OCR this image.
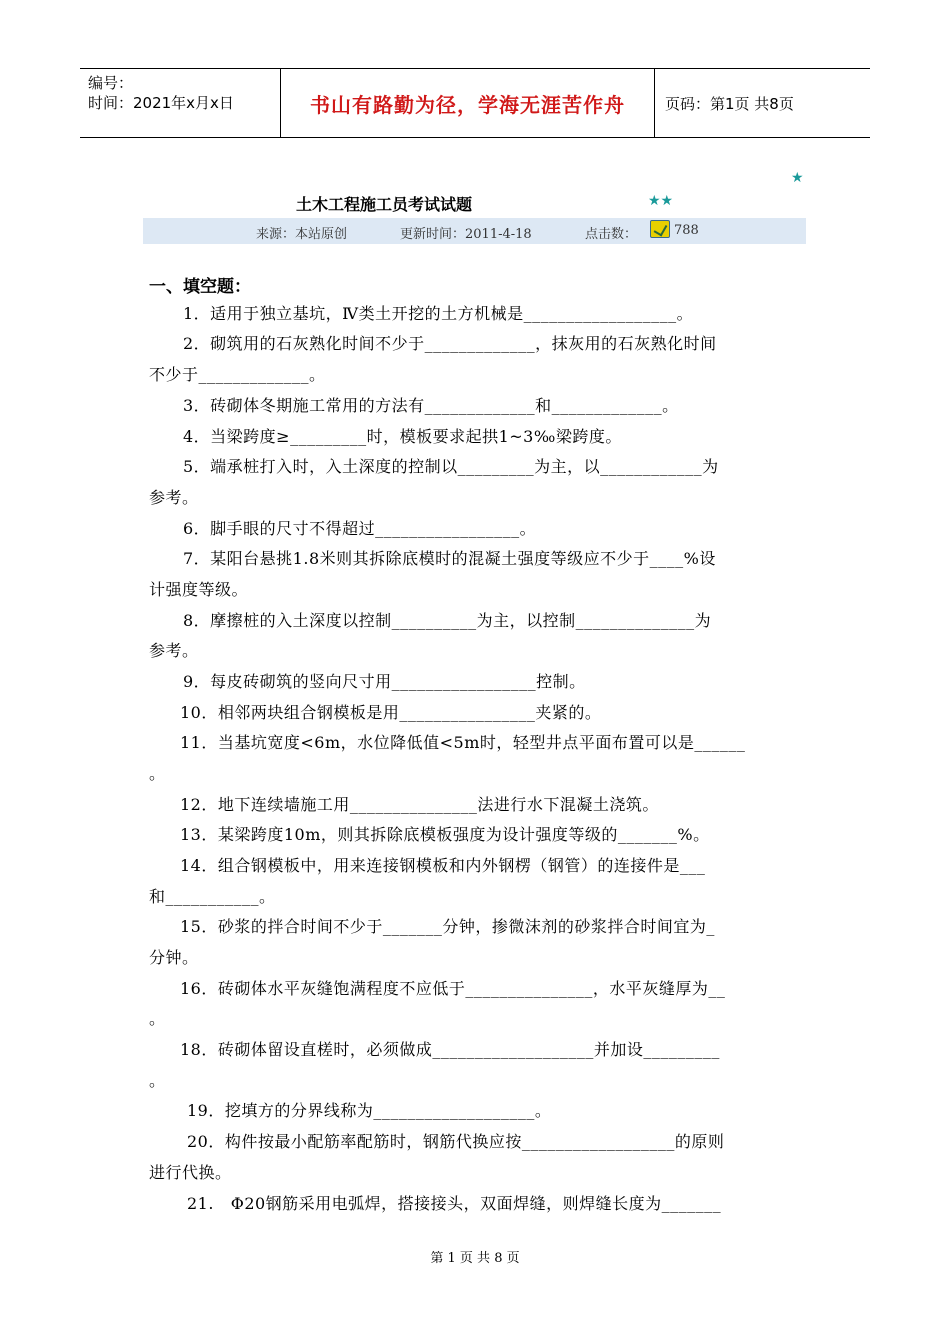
编号：
时间：2021年x月x日	书山有路勤为径，学海无涯苦作舟	页码：第1页 共8页
★
土木工程施工员考试试题	★★
来源：本站原创	更新时间：2011-4-18	点击数：	788
一、填空题：
1．适用于独立基坑，Ⅳ类土开挖的土方机械是__________________。
2．砌筑用的石灰熟化时间不少于_____________，抹灰用的石灰熟化时间
不少于_____________。
3．砖砌体冬期施工常用的方法有_____________和_____________。
4．当梁跨度≥_________时，模板要求起拱1~3‰梁跨度。
5．端承桩打入时，入土深度的控制以_________为主，以____________为
参考。
6．脚手眼的尺寸不得超过_________________。
7．某阳台悬挑1.8米则其拆除底模时的混凝土强度等级应不少于____%设
计强度等级。
8．摩擦桩的入土深度以控制__________为主，以控制______________为
参考。
9．每皮砖砌筑的竖向尺寸用_________________控制。
10．相邻两块组合钢模板是用________________夹紧的。
11．当基坑宽度<6m，水位降低值<5m时，轻型井点平面布置可以是______
。
12．地下连续墙施工用_______________法进行水下混凝土浇筑。
13．某梁跨度10m，则其拆除底模板强度为设计强度等级的_______%。
14．组合钢模板中，用来连接钢模板和内外钢楞（钢管）的连接件是___
和___________。
15．砂浆的拌合时间不少于_______分钟，掺微沫剂的砂浆拌合时间宜为_
分钟。
16．砖砌体水平灰缝饱满程度不应低于_______________，水平灰缝厚为__
。
18．砖砌体留设直槎时，必须做成___________________并加设_________
。
19．挖填方的分界线称为___________________。
20．构件按最小配筋率配筋时，钢筋代换应按__________________的原则
进行代换。
21.   Φ20钢筋采用电弧焊，搭接接头，双面焊缝，则焊缝长度为_______
第 1 页 共 8 页
